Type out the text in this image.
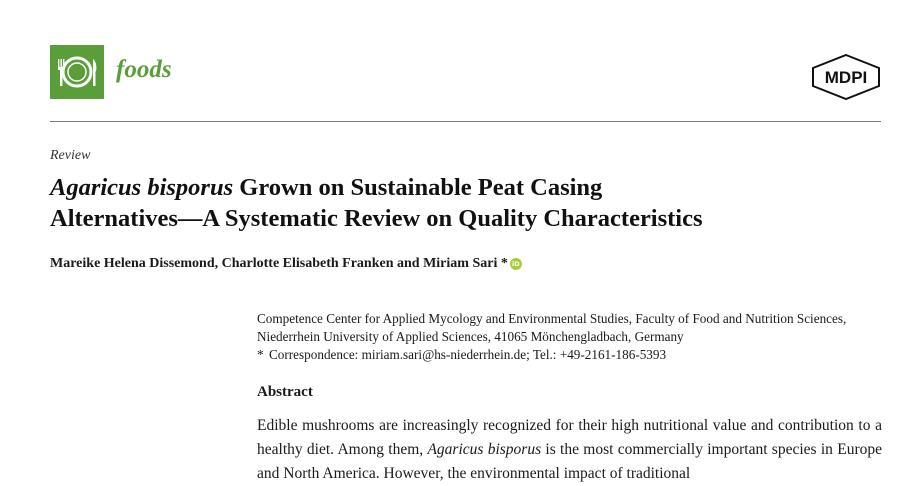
foods	MDPI
Review
Agaricus bisporus Grown on Sustainable Peat Casing
Alternatives—A Systematic Review on Quality Characteristics
Mareike Helena Dissemond, Charlotte Elisabeth Franken and Miriam Sari * iD
Competence Center for Applied Mycology and Environmental Studies, Faculty of Food and Nutrition Sciences,
Niederrhein University of Applied Sciences, 41065 Mönchengladbach, Germany
* Correspondence: miriam.sari@hs-niederrhein.de; Tel.: +49-2161-186-5393
Abstract
Edible mushrooms are increasingly recognized for their high nutritional value and contribution to a healthy diet. Among them, Agaricus bisporus is the most commercially important species in Europe and North America. However, the environmental impact of traditional
